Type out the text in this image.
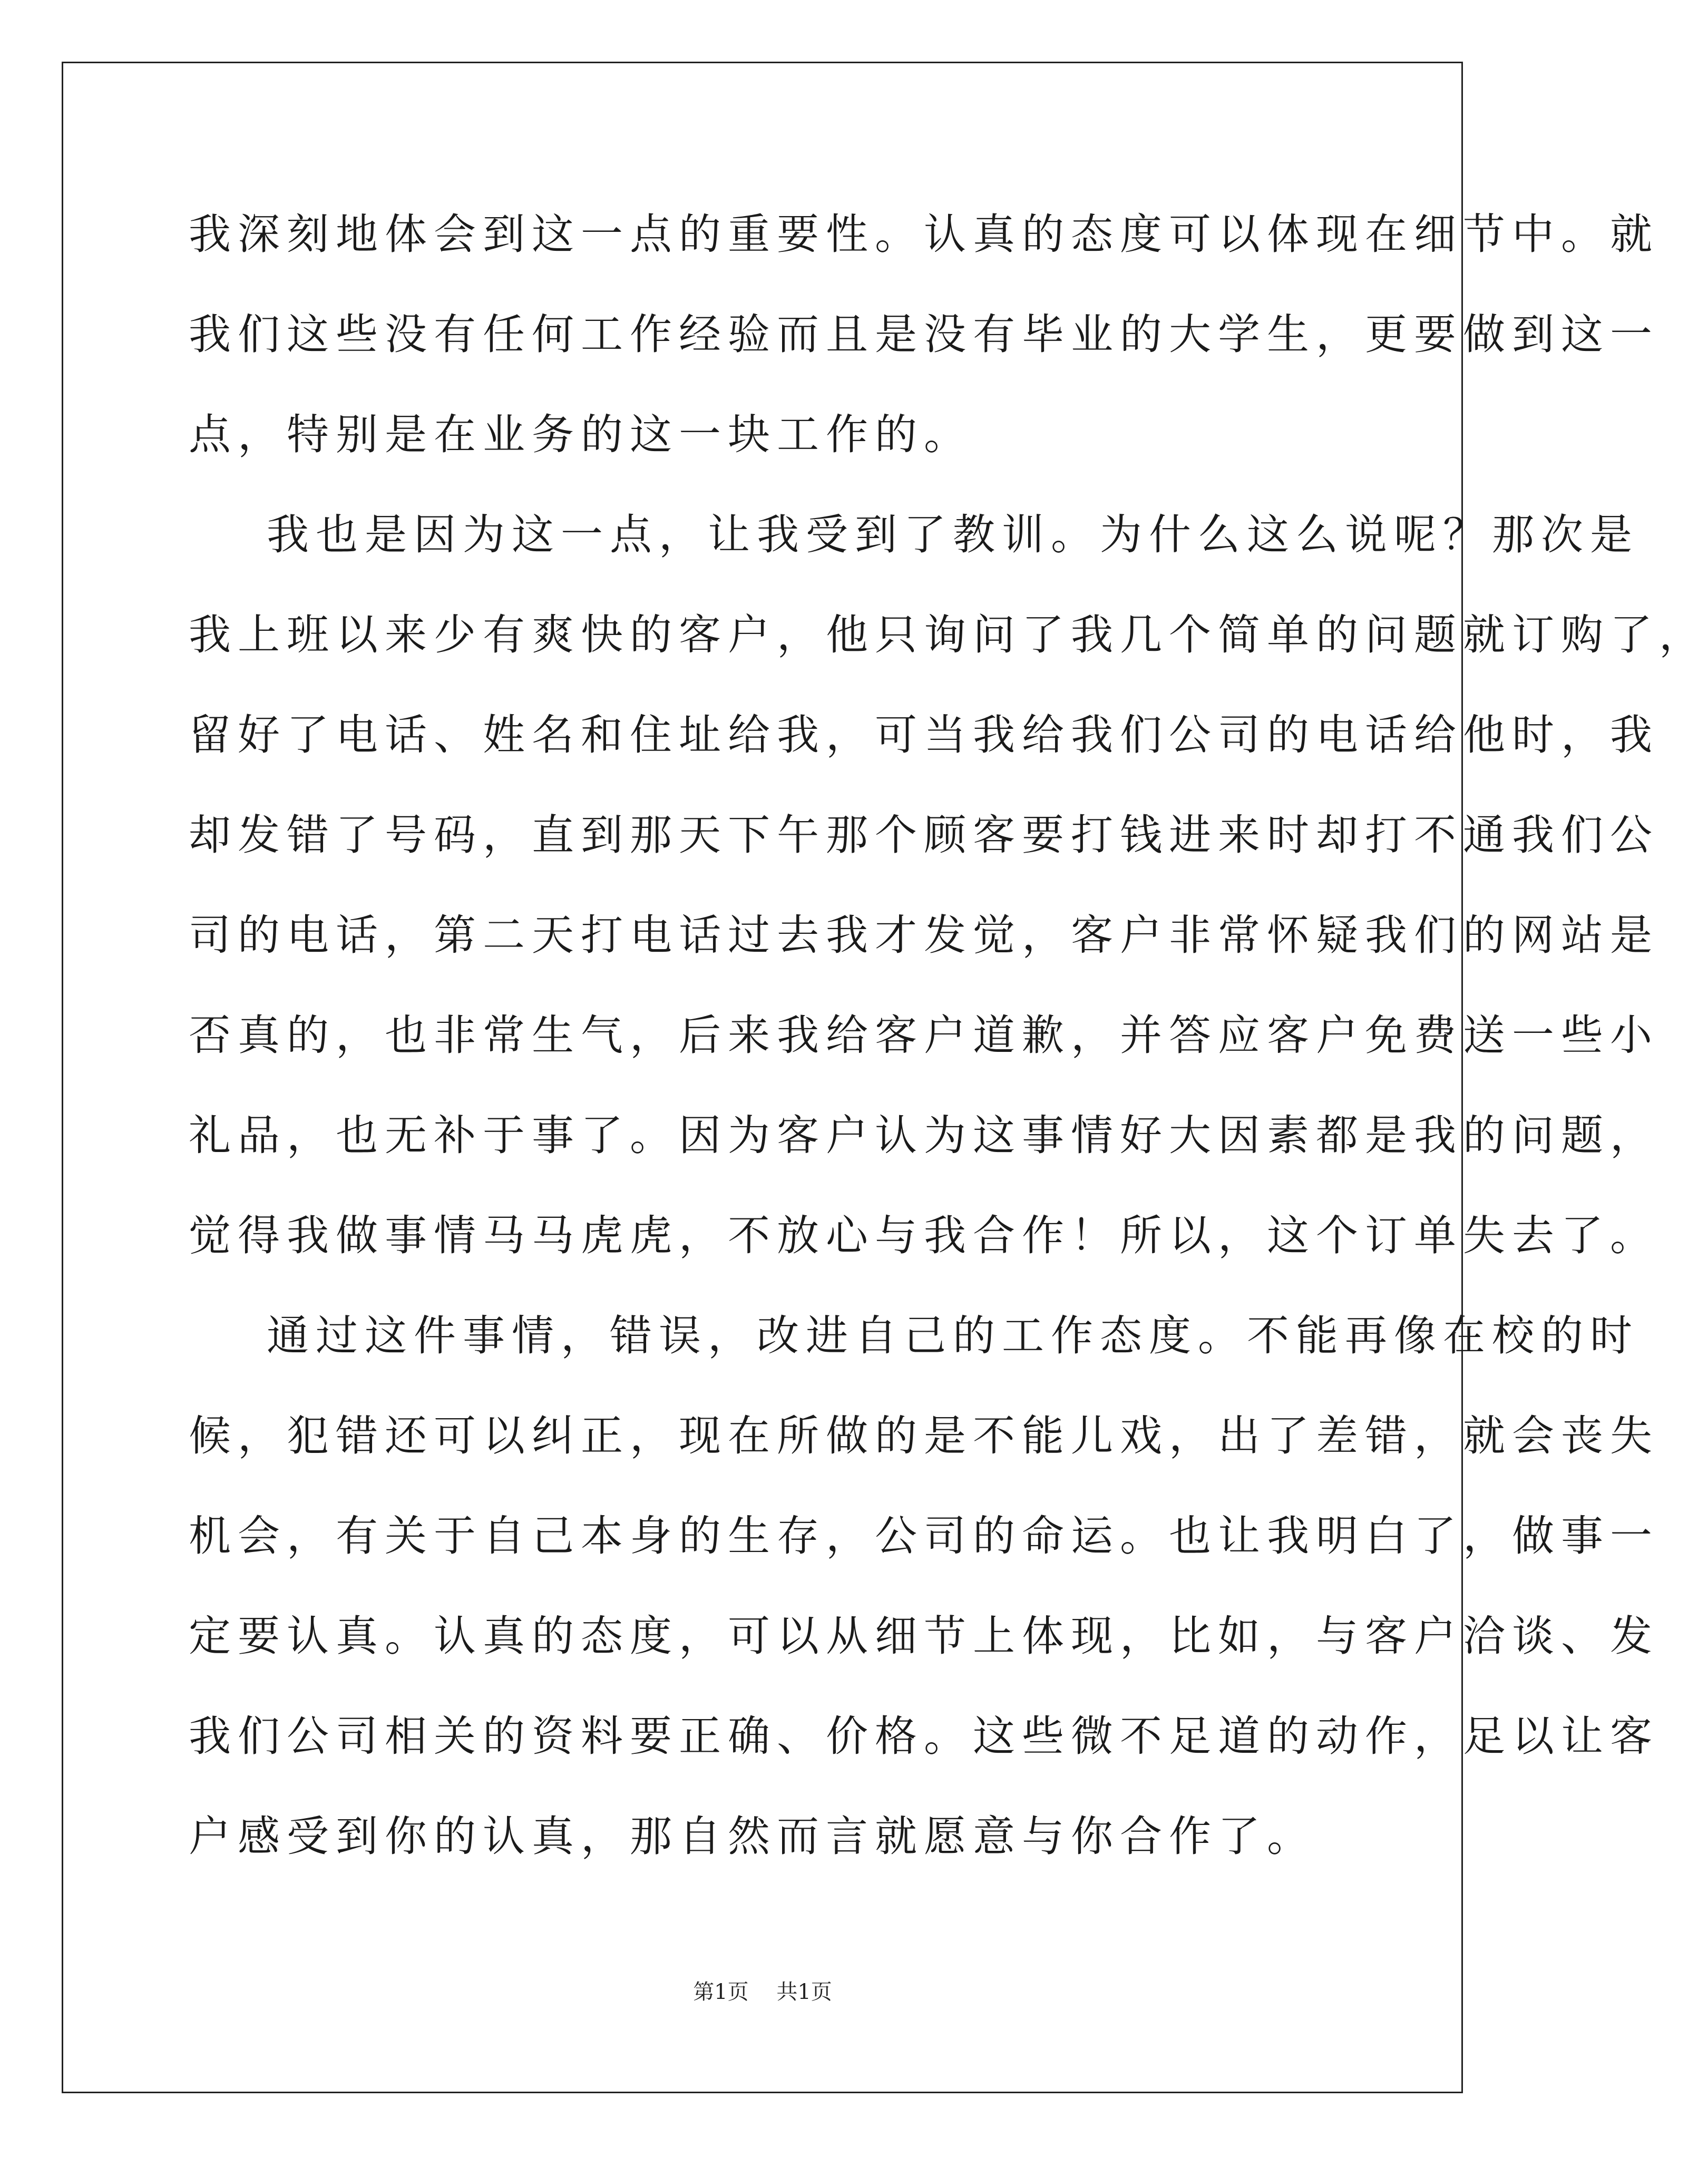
我深刻地体会到这一点的重要性。认真的态度可以体现在细节中。就
我们这些没有任何工作经验而且是没有毕业的大学生，更要做到这一
点，特别是在业务的这一块工作的。
我也是因为这一点，让我受到了教训。为什么这么说呢？那次是
我上班以来少有爽快的客户，他只询问了我几个简单的问题就订购了，
留好了电话、姓名和住址给我，可当我给我们公司的电话给他时，我
却发错了号码，直到那天下午那个顾客要打钱进来时却打不通我们公
司的电话，第二天打电话过去我才发觉，客户非常怀疑我们的网站是
否真的，也非常生气，后来我给客户道歉，并答应客户免费送一些小
礼品，也无补于事了。因为客户认为这事情好大因素都是我的问题，
觉得我做事情马马虎虎，不放心与我合作！所以，这个订单失去了。
通过这件事情，错误，改进自己的工作态度。不能再像在校的时
候，犯错还可以纠正，现在所做的是不能儿戏，出了差错，就会丧失
机会，有关于自己本身的生存，公司的命运。也让我明白了，做事一
定要认真。认真的态度，可以从细节上体现，比如，与客户洽谈、发
我们公司相关的资料要正确、价格。这些微不足道的动作，足以让客
户感受到你的认真，那自然而言就愿意与你合作了。
第1页 共1页
